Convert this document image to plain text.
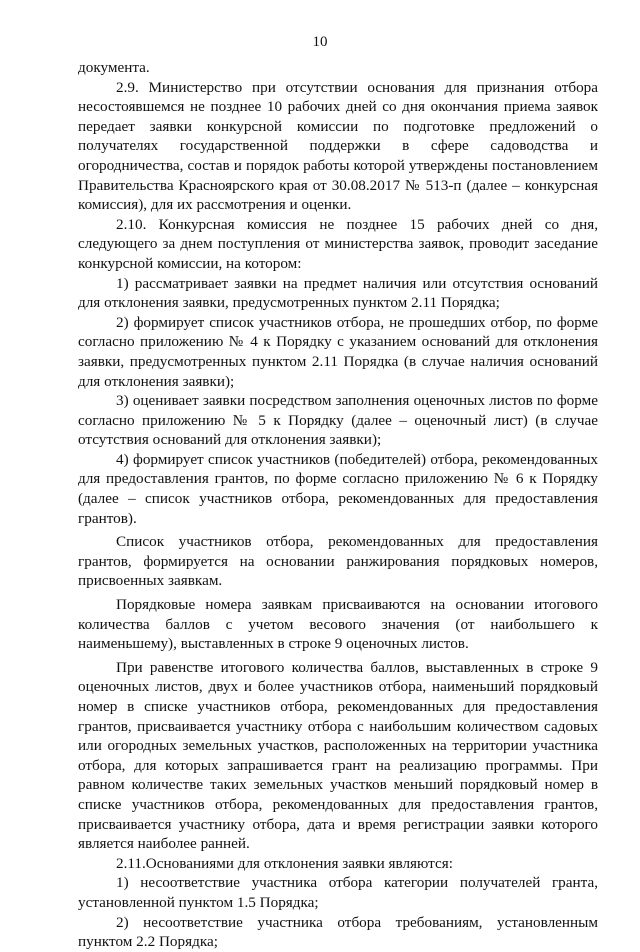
10

документа.

2.9. Министерство при отсутствии основания для признания отбора несостоявшемся не позднее 10 рабочих дней со дня окончания приема заявок передает заявки конкурсной комиссии по подготовке предложений о получателях государственной поддержки в сфере садоводства и огородничества, состав и порядок работы которой утверждены постановлением Правительства Красноярского края от 30.08.2017 № 513-п (далее – конкурсная комиссия), для их рассмотрения и оценки.

2.10. Конкурсная комиссия не позднее 15 рабочих дней со дня, следующего за днем поступления от министерства заявок, проводит заседание конкурсной комиссии, на котором:

1) рассматривает заявки на предмет наличия или отсутствия оснований для отклонения заявки, предусмотренных пунктом 2.11 Порядка;

2) формирует список участников отбора, не прошедших отбор, по форме согласно приложению № 4 к Порядку с указанием оснований для отклонения заявки, предусмотренных пунктом 2.11 Порядка (в случае наличия оснований для отклонения заявки);

3) оценивает заявки посредством заполнения оценочных листов по форме согласно приложению № 5 к Порядку (далее – оценочный лист) (в случае отсутствия оснований для отклонения заявки);

4) формирует список участников (победителей) отбора, рекомендованных для предоставления грантов, по форме согласно приложению № 6 к Порядку (далее – список участников отбора, рекомендованных для предоставления грантов).

Список участников отбора, рекомендованных для предоставления грантов, формируется на основании ранжирования порядковых номеров, присвоенных заявкам.

Порядковые номера заявкам присваиваются на основании итогового количества баллов с учетом весового значения (от наибольшего к наименьшему), выставленных в строке 9 оценочных листов.

При равенстве итогового количества баллов, выставленных в строке 9 оценочных листов, двух и более участников отбора, наименьший порядковый номер в списке участников отбора, рекомендованных для предоставления грантов, присваивается участнику отбора с наибольшим количеством садовых или огородных земельных участков, расположенных на территории участника отбора, для которых запрашивается грант на реализацию программы. При равном количестве таких земельных участков меньший порядковый номер в списке участников отбора, рекомендованных для предоставления грантов, присваивается участнику отбора, дата и время регистрации заявки которого является наиболее ранней.

2.11.Основаниями для отклонения заявки являются:

1) несоответствие участника отбора категории получателей гранта, установленной пунктом 1.5 Порядка;

2) несоответствие участника отбора требованиям, установленным пунктом 2.2 Порядка;
